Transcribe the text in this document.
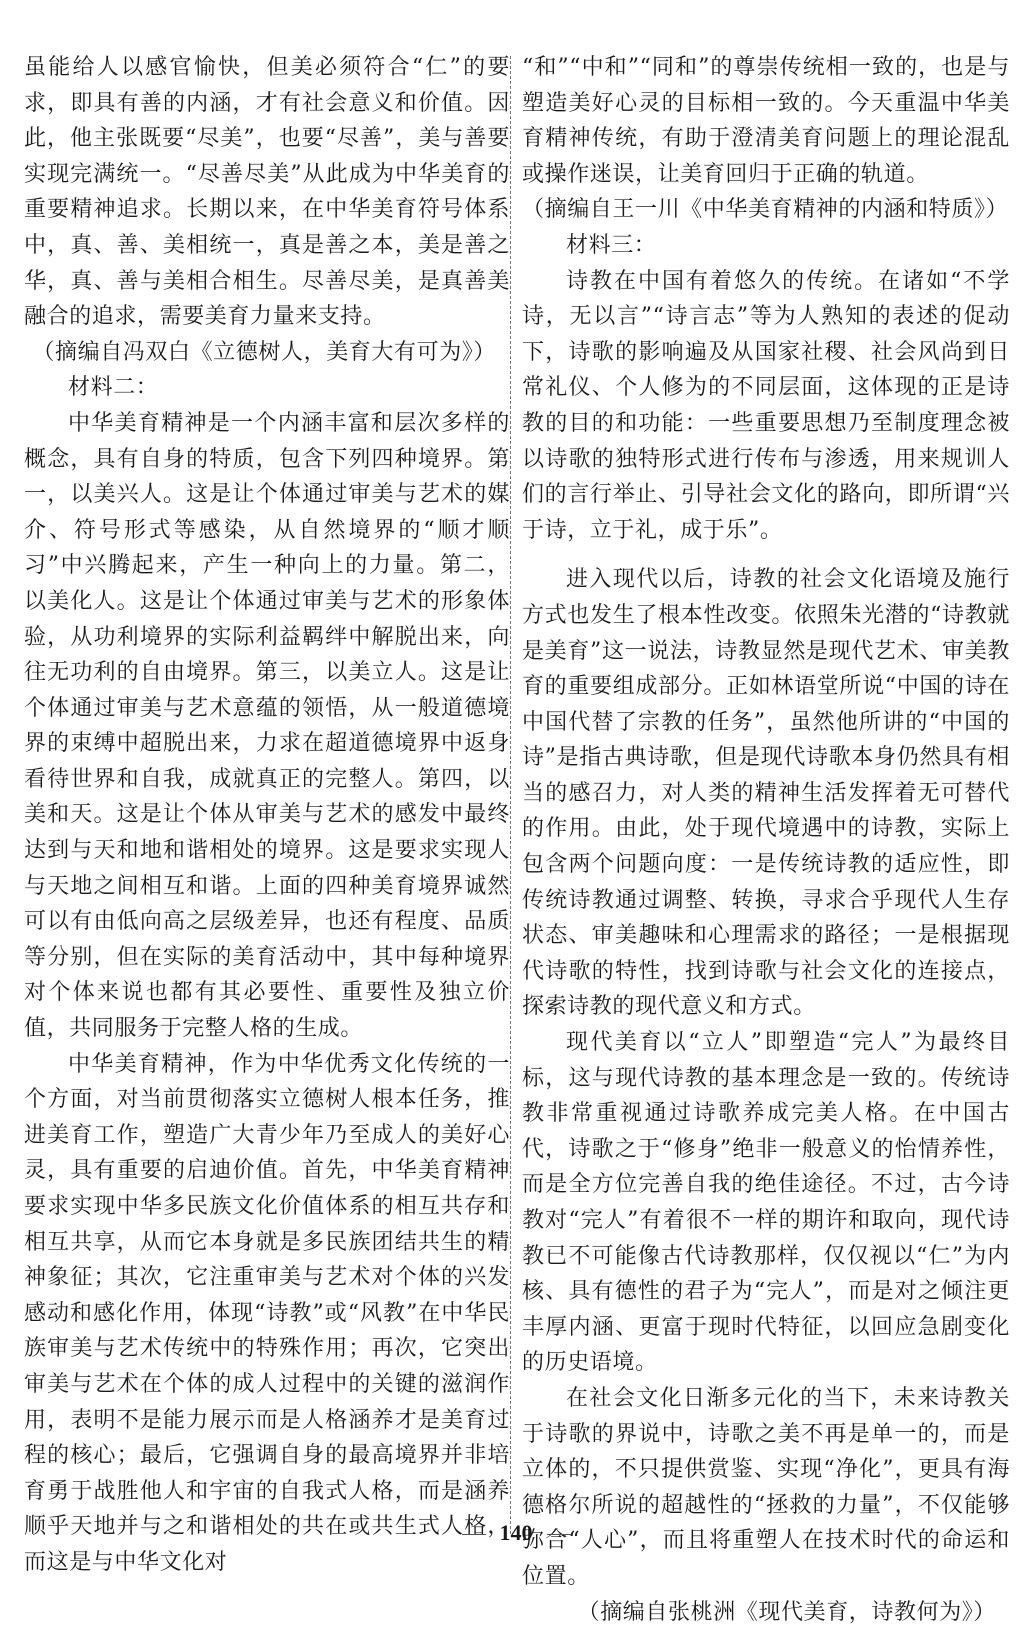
虽能给人以感官愉快，但美必须符合“仁”的要求，即具有善的内涵，才有社会意义和价值。因此，他主张既要“尽美”，也要“尽善”，美与善要实现完满统一。“尽善尽美”从此成为中华美育的重要精神追求。长期以来，在中华美育符号体系中，真、善、美相统一，真是善之本，美是善之华，真、善与美相合相生。尽善尽美，是真善美融合的追求，需要美育力量来支持。

（摘编自冯双白《立德树人，美育大有可为》）

材料二：

中华美育精神是一个内涵丰富和层次多样的概念，具有自身的特质，包含下列四种境界。第一，以美兴人。这是让个体通过审美与艺术的媒介、符号形式等感染，从自然境界的“顺才顺习”中兴腾起来，产生一种向上的力量。第二，以美化人。这是让个体通过审美与艺术的形象体验，从功利境界的实际利益羁绊中解脱出来，向往无功利的自由境界。第三，以美立人。这是让个体通过审美与艺术意蕴的领悟，从一般道德境界的束缚中超脱出来，力求在超道德境界中返身看待世界和自我，成就真正的完整人。第四，以美和天。这是让个体从审美与艺术的感发中最终达到与天和地和谐相处的境界。这是要求实现人与天地之间相互和谐。上面的四种美育境界诚然可以有由低向高之层级差异，也还有程度、品质等分别，但在实际的美育活动中，其中每种境界对个体来说也都有其必要性、重要性及独立价值，共同服务于完整人格的生成。

中华美育精神，作为中华优秀文化传统的一个方面，对当前贯彻落实立德树人根本任务，推进美育工作，塑造广大青少年乃至成人的美好心灵，具有重要的启迪价值。首先，中华美育精神要求实现中华多民族文化价值体系的相互共存和相互共享，从而它本身就是多民族团结共生的精神象征；其次，它注重审美与艺术对个体的兴发感动和感化作用，体现“诗教”或“风教”在中华民族审美与艺术传统中的特殊作用；再次，它突出审美与艺术在个体的成人过程中的关键的滋润作用，表明不是能力展示而是人格涵养才是美育过程的核心；最后，它强调自身的最高境界并非培育勇于战胜他人和宇宙的自我式人格，而是涵养顺乎天地并与之和谐相处的共在或共生式人格，而这是与中华文化对

“和”“中和”“同和”的尊崇传统相一致的，也是与塑造美好心灵的目标相一致的。今天重温中华美育精神传统，有助于澄清美育问题上的理论混乱或操作迷误，让美育回归于正确的轨道。

（摘编自王一川《中华美育精神的内涵和特质》）

材料三：

诗教在中国有着悠久的传统。在诸如“不学诗，无以言”“诗言志”等为人熟知的表述的促动下，诗歌的影响遍及从国家社稷、社会风尚到日常礼仪、个人修为的不同层面，这体现的正是诗教的目的和功能：一些重要思想乃至制度理念被以诗歌的独特形式进行传布与渗透，用来规训人们的言行举止、引导社会文化的路向，即所谓“兴于诗，立于礼，成于乐”。

进入现代以后，诗教的社会文化语境及施行方式也发生了根本性改变。依照朱光潜的“诗教就是美育”这一说法，诗教显然是现代艺术、审美教育的重要组成部分。正如林语堂所说“中国的诗在中国代替了宗教的任务”，虽然他所讲的“中国的诗”是指古典诗歌，但是现代诗歌本身仍然具有相当的感召力，对人类的精神生活发挥着无可替代的作用。由此，处于现代境遇中的诗教，实际上包含两个问题向度：一是传统诗教的适应性，即传统诗教通过调整、转换，寻求合乎现代人生存状态、审美趣味和心理需求的路径；一是根据现代诗歌的特性，找到诗歌与社会文化的连接点，探索诗教的现代意义和方式。

现代美育以“立人”即塑造“完人”为最终目标，这与现代诗教的基本理念是一致的。传统诗教非常重视通过诗歌养成完美人格。在中国古代，诗歌之于“修身”绝非一般意义的怡情养性，而是全方位完善自我的绝佳途径。不过，古今诗教对“完人”有着很不一样的期许和取向，现代诗教已不可能像古代诗教那样，仅仅视以“仁”为内核、具有德性的君子为“完人”，而是对之倾注更丰厚内涵、更富于现时代特征，以回应急剧变化的历史语境。

在社会文化日渐多元化的当下，未来诗教关于诗歌的界说中，诗歌之美不再是单一的，而是立体的，不只提供赏鉴、实现“净化”，更具有海德格尔所说的超越性的“拯救的力量”，不仅能够弥合“人心”，而且将重塑人在技术时代的命运和位置。

（摘编自张桃洲《现代美育，诗教何为》）

140
